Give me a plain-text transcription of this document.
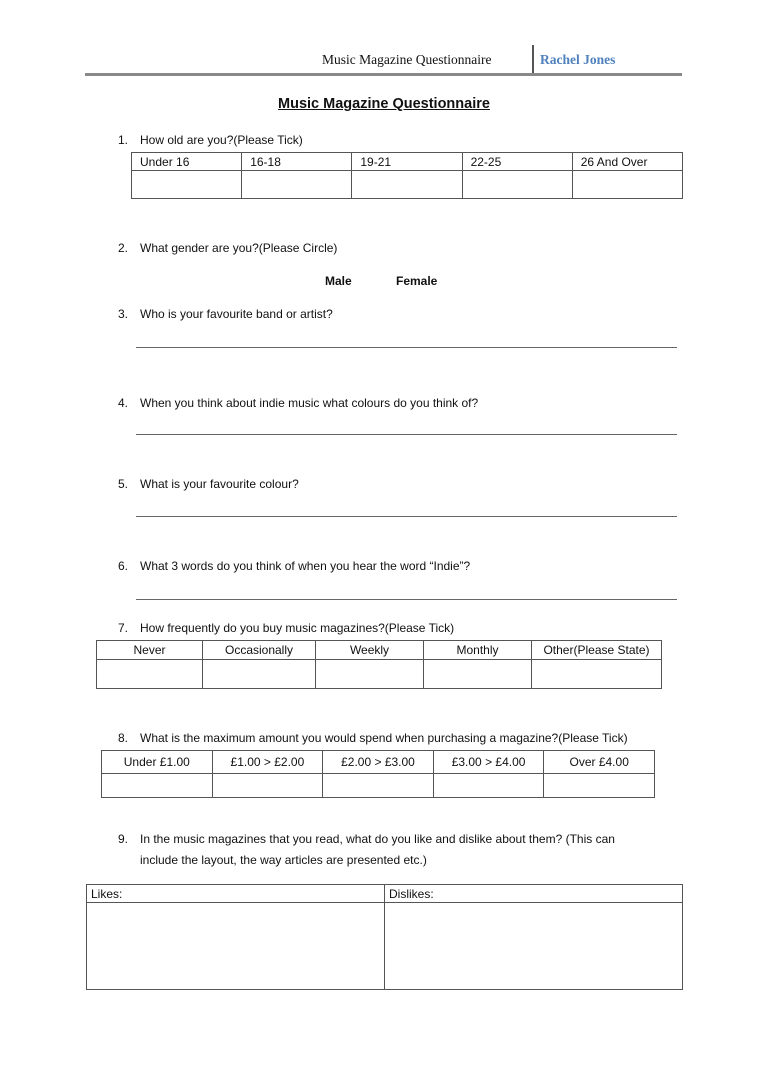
Music Magazine Questionnaire	Rachel Jones
Music Magazine Questionnaire
1. How old are you?(Please Tick)
Under 16	16-18	19-21	22-25	26 And Over

2. What gender are you?(Please Circle)
Male	Female
3. Who is your favourite band or artist?
4. When you think about indie music what colours do you think of?
5. What is your favourite colour?
6. What 3 words do you think of when you hear the word “Indie”?
7. How frequently do you buy music magazines?(Please Tick)
Never	Occasionally	Weekly	Monthly	Other(Please State)

8. What is the maximum amount you would spend when purchasing a magazine?(Please Tick)
Under £1.00	£1.00 > £2.00	£2.00 > £3.00	£3.00 > £4.00	Over £4.00

9. In the music magazines that you read, what do you like and dislike about them? (This can
include the layout, the way articles are presented etc.)
Likes:	Dislikes:
